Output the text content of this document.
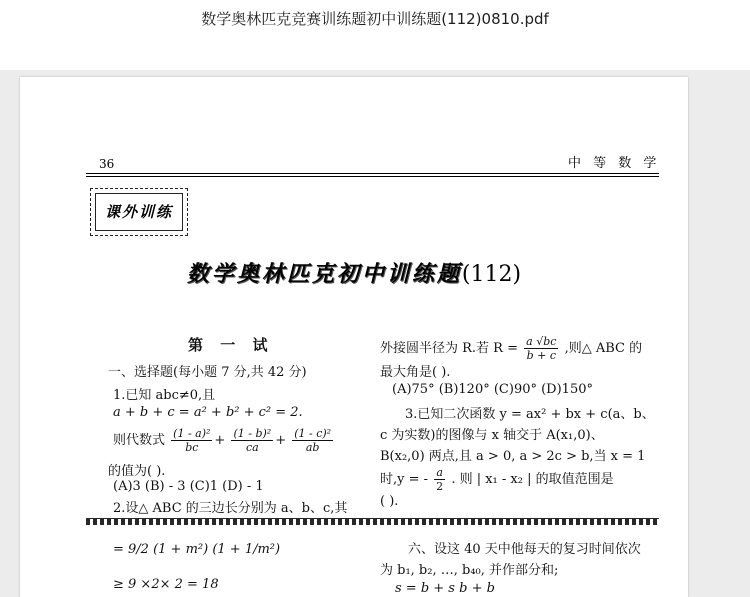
数学奥林匹克竞赛训练题初中训练题(112)0810.pdf
36	中 等 数 学
课外训练
数学奥林匹克初中训练题(112)
第 一 试
一、选择题(每小题 7 分,共 42 分)
1.已知 abc≠0,且
a + b + c = a² + b² + c² = 2.
则代数式 $\frac{\text{(1 - a)²}}{bc} + \frac{\text{(1 - b)²}}{ca} + \frac{\text{(1 - c)²}}{ab}$
的值为( ).
(A)3 (B) - 3 (C)1 (D) - 1
2.设△ ABC 的三边长分别为 a、b、c,其
外接圆半径为 R.若 $R = \frac{a √bc}{b + c}$ ,则△ ABC 的
最大角是( ).
(A)75° (B)120° (C)90° (D)150°
3.已知二次函数 y = ax² + bx + c(a、b、
c 为实数)的图像与 x 轴交于 A(x₁,0)、
B(x₂,0) 两点,且 a > 0, a > 2c > b,当 x = 1
时,y = - $\frac{a}{2}$ . 则 | x₁ - x₂ | 的取值范围是
( ).
= 9/2 (1 + m²) (1 + 1/m²)
≥ 9 ×2× 2 = 18
六、设这 40 天中他每天的复习时间依次
为 b₁, b₂, …, b₄₀, 并作部分和;
s = b + s b + b
